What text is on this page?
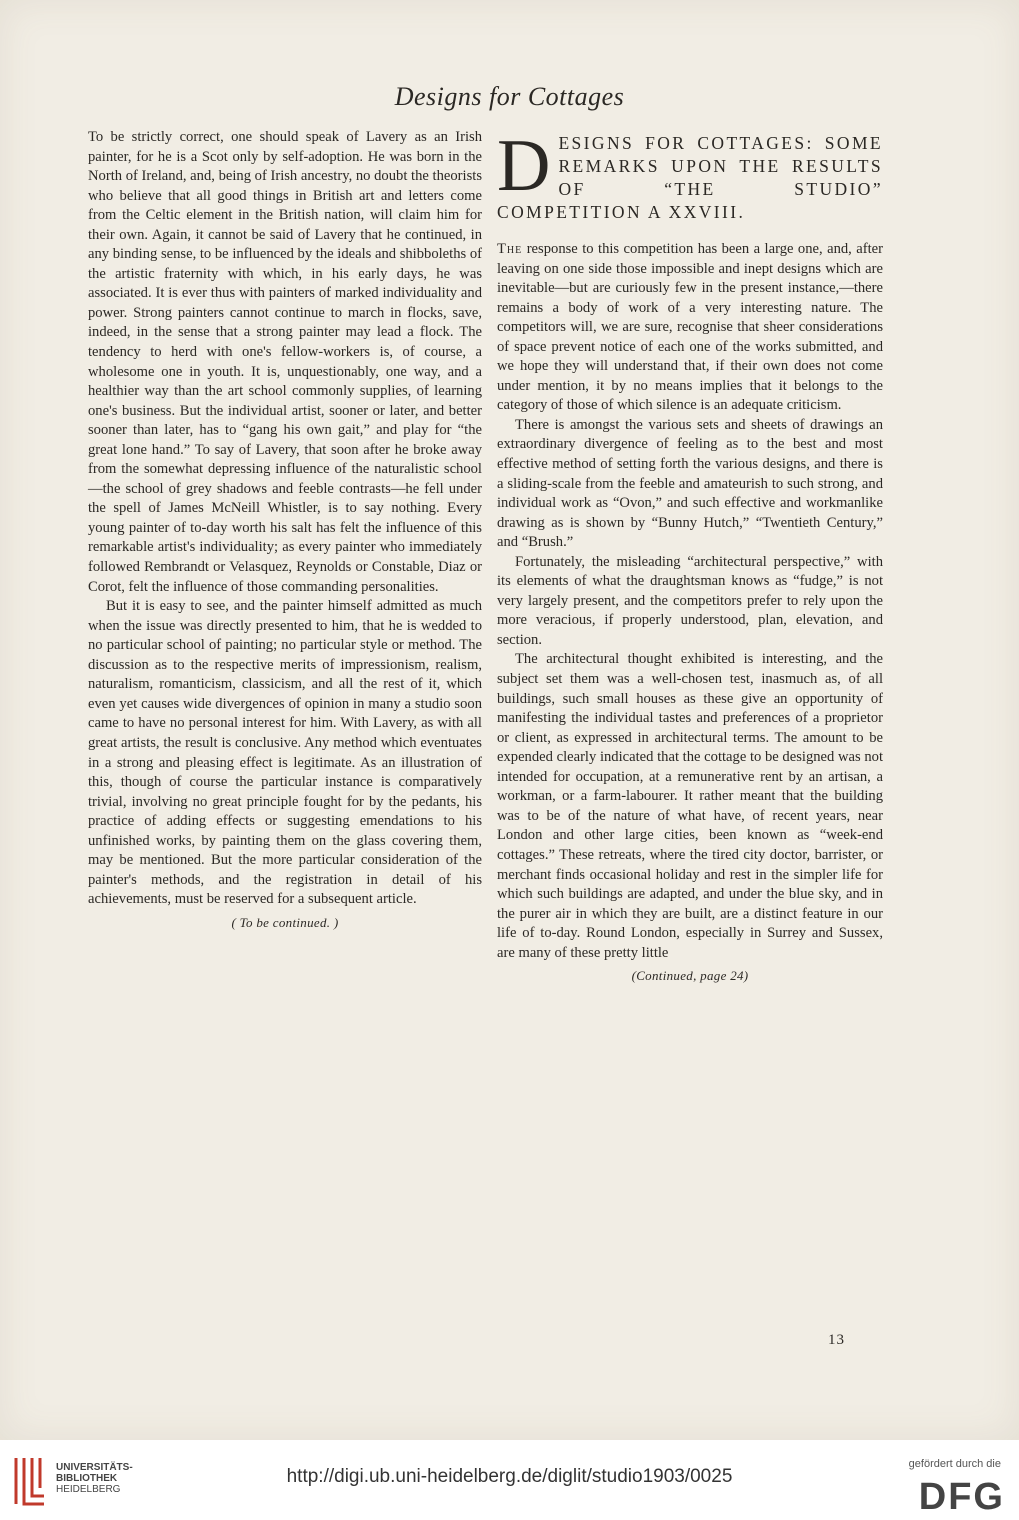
Designs for Cottages

To be strictly correct, one should speak of Lavery as an Irish painter, for he is a Scot only by self-adoption. He was born in the North of Ireland, and, being of Irish ancestry, no doubt the theorists who believe that all good things in British art and letters come from the Celtic element in the British nation, will claim him for their own. Again, it cannot be said of Lavery that he continued, in any binding sense, to be influenced by the ideals and shibboleths of the artistic fraternity with which, in his early days, he was associated. It is ever thus with painters of marked individuality and power. Strong painters cannot continue to march in flocks, save, indeed, in the sense that a strong painter may lead a flock. The tendency to herd with one's fellow-workers is, of course, a wholesome one in youth. It is, unquestionably, one way, and a healthier way than the art school commonly supplies, of learning one's business. But the individual artist, sooner or later, and better sooner than later, has to “gang his own gait,” and play for “the great lone hand.” To say of Lavery, that soon after he broke away from the somewhat depressing influence of the naturalistic school—the school of grey shadows and feeble contrasts—he fell under the spell of James McNeill Whistler, is to say nothing. Every young painter of to-day worth his salt has felt the influence of this remarkable artist's individuality; as every painter who immediately followed Rembrandt or Velasquez, Reynolds or Constable, Diaz or Corot, felt the influence of those commanding personalities.

But it is easy to see, and the painter himself admitted as much when the issue was directly presented to him, that he is wedded to no particular school of painting; no particular style or method. The discussion as to the respective merits of impressionism, realism, naturalism, romanticism, classicism, and all the rest of it, which even yet causes wide divergences of opinion in many a studio soon came to have no personal interest for him. With Lavery, as with all great artists, the result is conclusive. Any method which eventuates in a strong and pleasing effect is legitimate. As an illustration of this, though of course the particular instance is comparatively trivial, involving no great principle fought for by the pedants, his practice of adding effects or suggesting emendations to his unfinished works, by painting them on the glass covering them, may be mentioned. But the more particular consideration of the painter's methods, and the registration in detail of his achievements, must be reserved for a subsequent article.

( To be continued. )
D ESIGNS FOR COTTAGES: SOME REMARKS UPON THE RESULTS OF “THE STUDIO” COMPETITION A XXVIII.

The response to this competition has been a large one, and, after leaving on one side those impossible and inept designs which are inevitable—but are curiously few in the present instance,—there remains a body of work of a very interesting nature. The competitors will, we are sure, recognise that sheer considerations of space prevent notice of each one of the works submitted, and we hope they will understand that, if their own does not come under mention, it by no means implies that it belongs to the category of those of which silence is an adequate criticism.

There is amongst the various sets and sheets of drawings an extraordinary divergence of feeling as to the best and most effective method of setting forth the various designs, and there is a sliding-scale from the feeble and amateurish to such strong, and individual work as “Ovon,” and such effective and workmanlike drawing as is shown by “Bunny Hutch,” “Twentieth Century,” and “Brush.”

Fortunately, the misleading “architectural perspective,” with its elements of what the draughtsman knows as “fudge,” is not very largely present, and the competitors prefer to rely upon the more veracious, if properly understood, plan, elevation, and section.

The architectural thought exhibited is interesting, and the subject set them was a well-chosen test, inasmuch as, of all buildings, such small houses as these give an opportunity of manifesting the individual tastes and preferences of a proprietor or client, as expressed in architectural terms. The amount to be expended clearly indicated that the cottage to be designed was not intended for occupation, at a remunerative rent by an artisan, a workman, or a farm-labourer. It rather meant that the building was to be of the nature of what have, of recent years, near London and other large cities, been known as “week-end cottages.” These retreats, where the tired city doctor, barrister, or merchant finds occasional holiday and rest in the simpler life for which such buildings are adapted, and under the blue sky, and in the purer air in which they are built, are a distinct feature in our life of to-day. Round London, especially in Surrey and Sussex, are many of these pretty little

(Continued, page 24)
13
UNIVERSITÄTS-
BIBLIOTHEK
HEIDELBERG
http://digi.ub.uni-heidelberg.de/diglit/studio1903/0025
gefördert durch die
DFG
